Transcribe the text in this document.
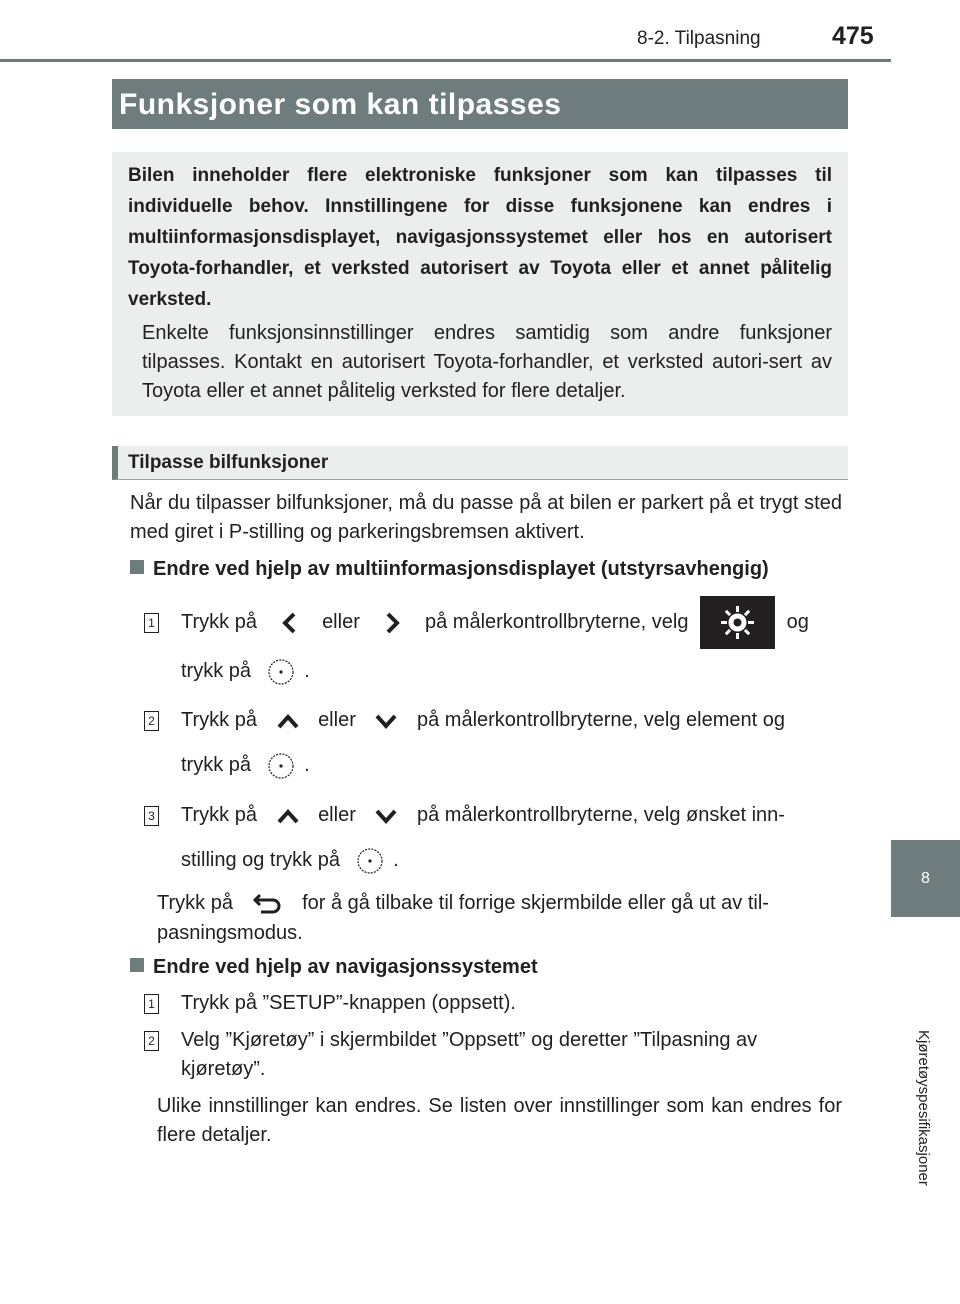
8-2. Tilpasning	475
8
Kjøretøyspesifikasjoner
Funksjoner som kan tilpasses
Bilen inneholder flere elektroniske funksjoner som kan tilpasses til individuelle behov. Innstillingene for disse funksjonene kan endres i multiinformasjonsdisplayet, navigasjonssystemet eller hos en autorisert Toyota-forhandler, et verksted autorisert av Toyota eller et annet pålitelig verksted.
Enkelte funksjonsinnstillinger endres samtidig som andre funksjoner tilpasses. Kontakt en autorisert Toyota-forhandler, et verksted autori-sert av Toyota eller et annet pålitelig verksted for flere detaljer.
Tilpasse bilfunksjoner
Når du tilpasser bilfunksjoner, må du passe på at bilen er parkert på et trygt sted med giret i P-stilling og parkeringsbremsen aktivert.
Endre ved hjelp av multiinformasjonsdisplayet (utstyrsavhengig)
1 Trykk på	eller	på målerkontrollbryterne, velg	og
trykk på	.
2 Trykk på	eller	på målerkontrollbryterne, velg element og
trykk på	.
3 Trykk på	eller	på målerkontrollbryterne, velg ønsket inn-
stilling og trykk på	.
Trykk på	for å gå tilbake til forrige skjermbilde eller gå ut av til-
pasningsmodus.
Endre ved hjelp av navigasjonssystemet
1 Trykk på ”SETUP”-knappen (oppsett).
2 Velg ”Kjøretøy” i skjermbildet ”Oppsett” og deretter ”Tilpasning av kjøretøy”.
Ulike innstillinger kan endres. Se listen over innstillinger som kan endres for flere detaljer.
